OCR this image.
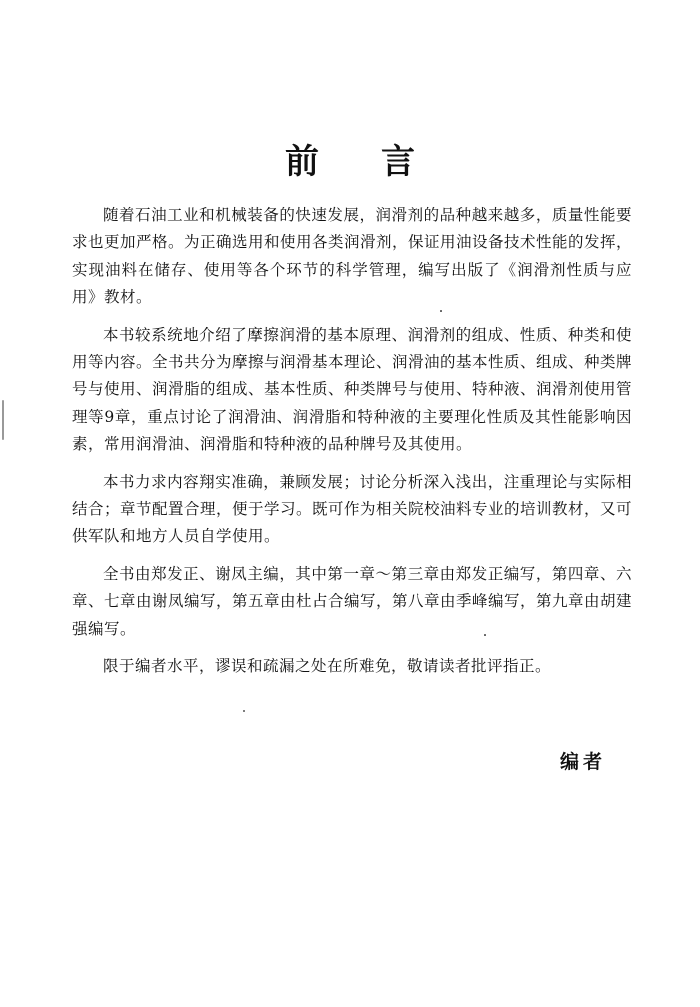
前言

随着石油工业和机械装备的快速发展，润滑剂的品种越来越多，质量性能要求也更加严格。为正确选用和使用各类润滑剂，保证用油设备技术性能的发挥，实现油料在储存、使用等各个环节的科学管理，编写出版了《润滑剂性质与应用》教材。

本书较系统地介绍了摩擦润滑的基本原理、润滑剂的组成、性质、种类和使用等内容。全书共分为摩擦与润滑基本理论、润滑油的基本性质、组成、种类牌号与使用、润滑脂的组成、基本性质、种类牌号与使用、特种液、润滑剂使用管理等9章，重点讨论了润滑油、润滑脂和特种液的主要理化性质及其性能影响因素，常用润滑油、润滑脂和特种液的品种牌号及其使用。

本书力求内容翔实准确，兼顾发展；讨论分析深入浅出，注重理论与实际相结合；章节配置合理，便于学习。既可作为相关院校油料专业的培训教材，又可供军队和地方人员自学使用。

全书由郑发正、谢凤主编，其中第一章～第三章由郑发正编写，第四章、六章、七章由谢凤编写，第五章由杜占合编写，第八章由季峰编写，第九章由胡建强编写。

限于编者水平，谬误和疏漏之处在所难免，敬请读者批评指正。

编者
